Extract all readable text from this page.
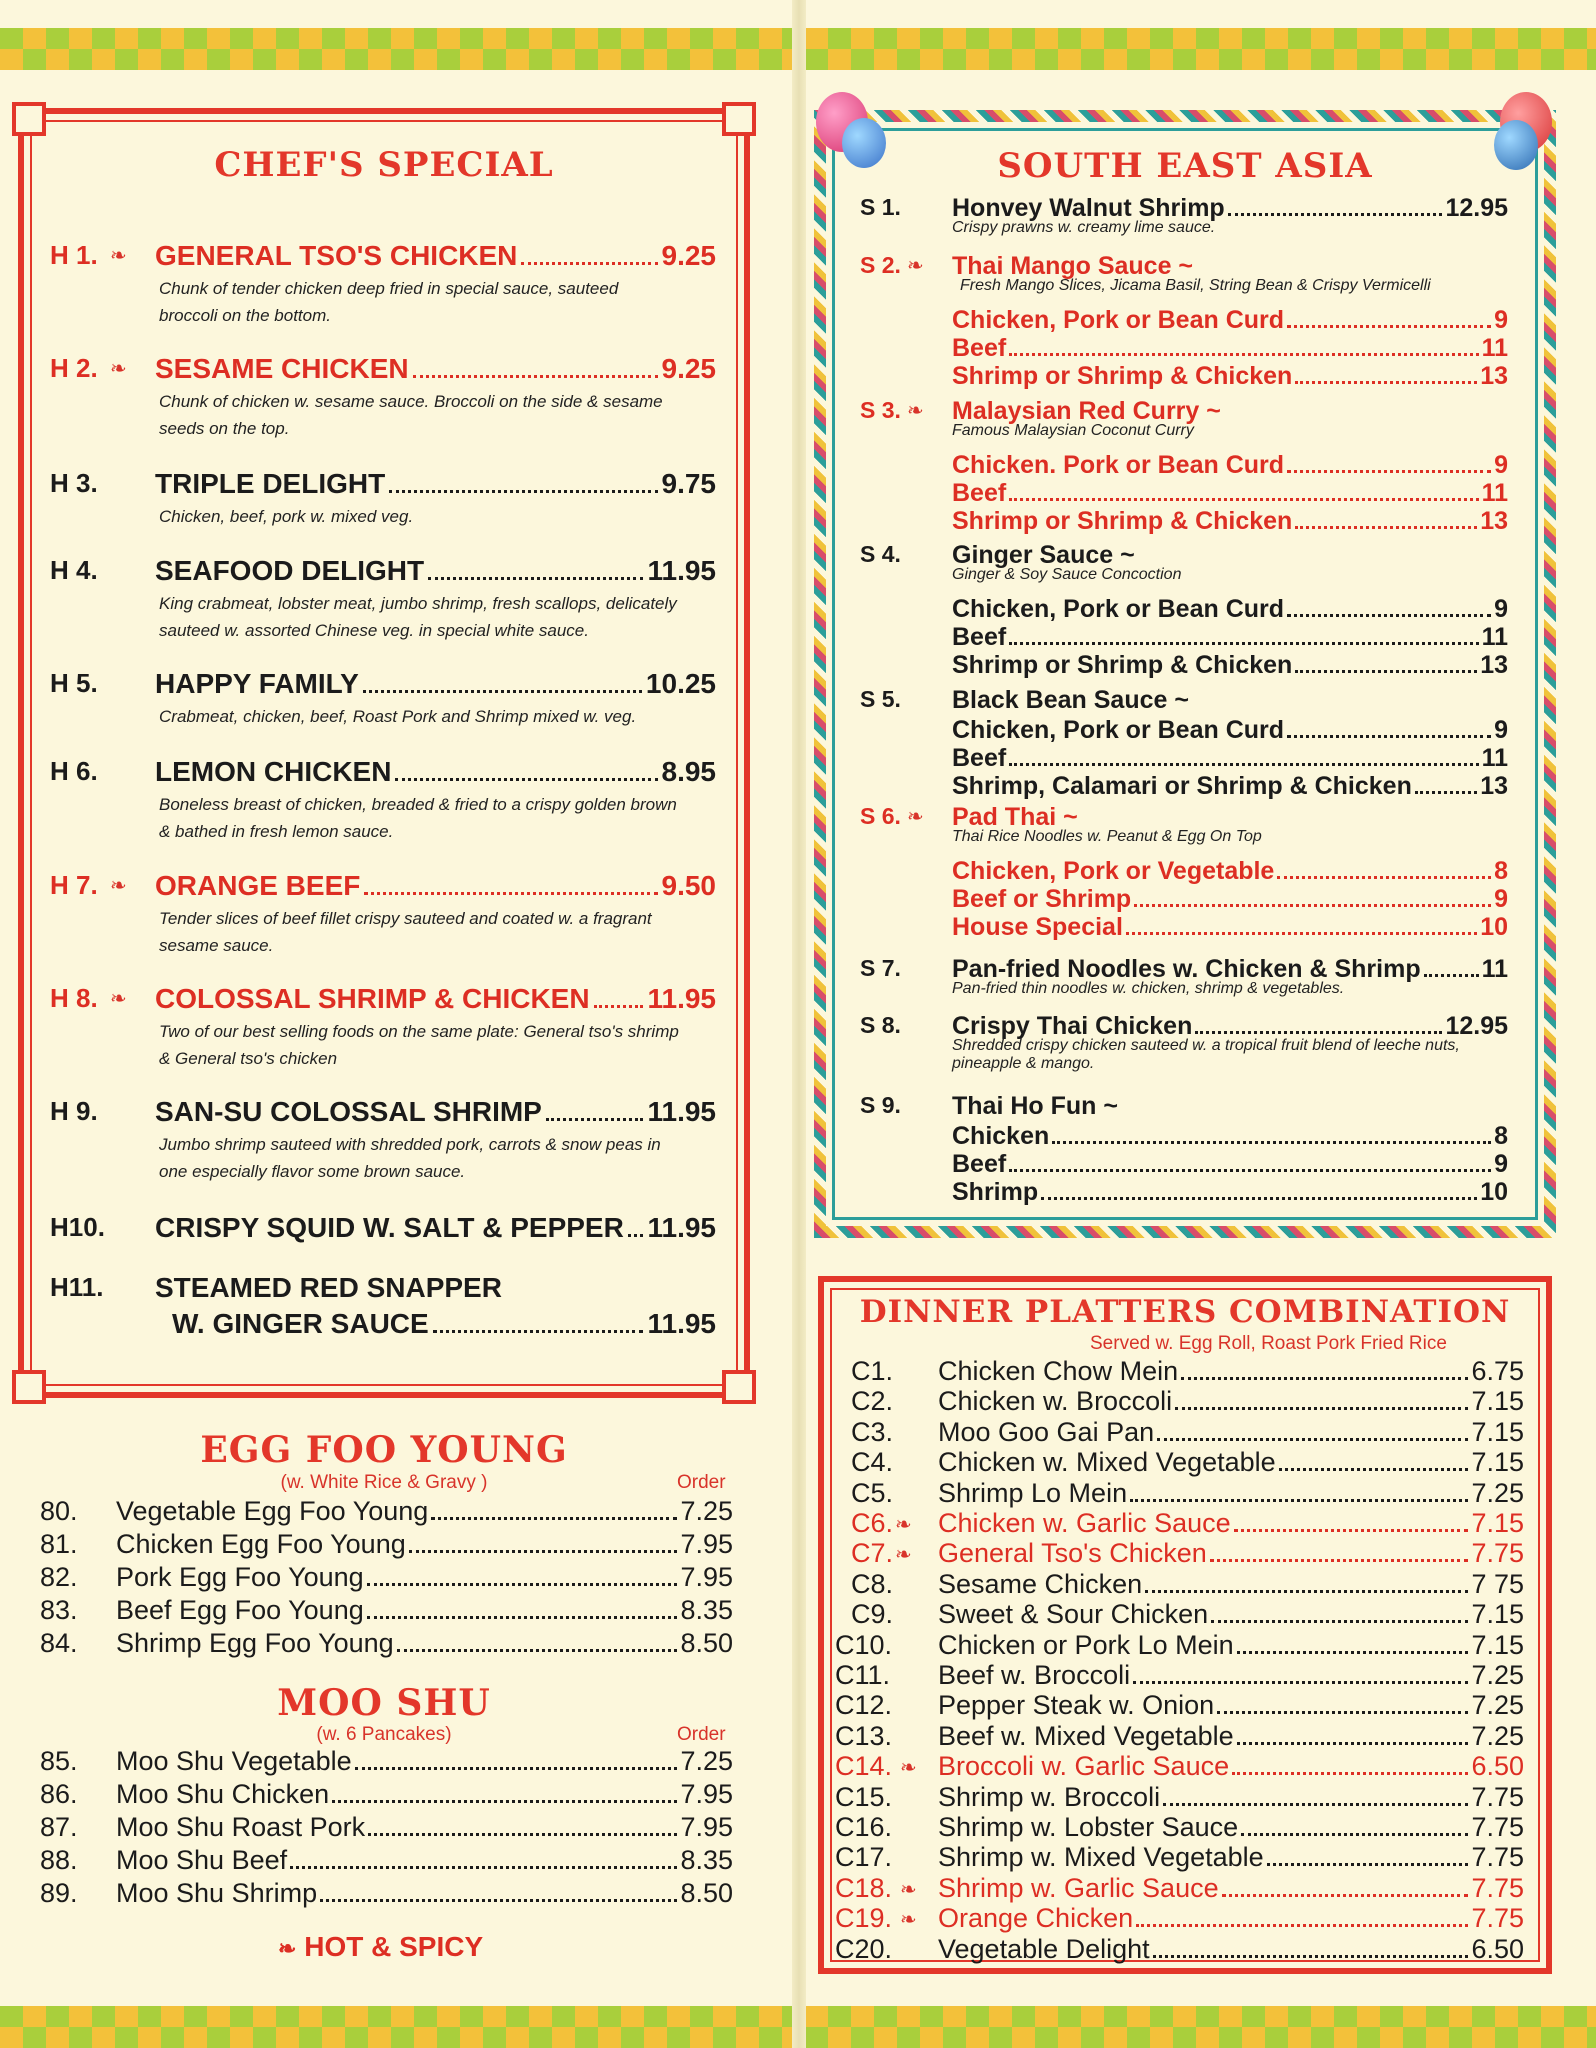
CHEF'S SPECIAL
H 1. ❧ GENERAL TSO'S CHICKEN	9.25
Chunk of tender chicken deep fried in special sauce, sauteed broccoli on the bottom.
H 2. ❧ SESAME CHICKEN	9.25
Chunk of chicken w. sesame sauce. Broccoli on the side & sesame seeds on the top.
H 3. TRIPLE DELIGHT	9.75
Chicken, beef, pork w. mixed veg.
H 4. SEAFOOD DELIGHT	11.95
King crabmeat, lobster meat, jumbo shrimp, fresh scallops, delicately sauteed w. assorted Chinese veg. in special white sauce.
H 5. HAPPY FAMILY	10.25
Crabmeat, chicken, beef, Roast Pork and Shrimp mixed w. veg.
H 6. LEMON CHICKEN	8.95
Boneless breast of chicken, breaded & fried to a crispy golden brown & bathed in fresh lemon sauce.
H 7. ❧ ORANGE BEEF	9.50
Tender slices of beef fillet crispy sauteed and coated w. a fragrant sesame sauce.
H 8. ❧ COLOSSAL SHRIMP & CHICKEN 11.95
Two of our best selling foods on the same plate: General tso's shrimp & General tso's chicken
H 9. SAN-SU COLOSSAL SHRIMP	11.95
Jumbo shrimp sauteed with shredded pork, carrots & snow peas in one especially flavor some brown sauce.
H10. CRISPY SQUID W. SALT & PEPPER 11.95
H11. STEAMED RED SNAPPER
W. GINGER SAUCE	11.95
EGG FOO YOUNG
(w. White Rice & Gravy )	Order
80. Vegetable Egg Foo Young	7.25
81. Chicken Egg Foo Young	7.95
82. Pork Egg Foo Young	7.95
83. Beef Egg Foo Young	8.35
84. Shrimp Egg Foo Young	8.50
MOO SHU
(w. 6 Pancakes)	Order
85. Moo Shu Vegetable	7.25
86. Moo Shu Chicken	7.95
87. Moo Shu Roast Pork	7.95
88. Moo Shu Beef	8.35
89. Moo Shu Shrimp	8.50
❧ HOT & SPICY
SOUTH EAST ASIA
S 1. Honvey Walnut Shrimp	12.95
Crispy prawns w. creamy lime sauce.
S 2. ❧ Thai Mango Sauce ~
Fresh Mango Slices, Jicama Basil, String Bean & Crispy Vermicelli
Chicken, Pork or Bean Curd	9
Beef	11
Shrimp or Shrimp & Chicken	13
S 3. ❧ Malaysian Red Curry ~
Famous Malaysian Coconut Curry
Chicken. Pork or Bean Curd	9
Beef	11
Shrimp or Shrimp & Chicken	13
S 4. Ginger Sauce ~
Ginger & Soy Sauce Concoction
Chicken, Pork or Bean Curd	9
Beef	11
Shrimp or Shrimp & Chicken	13
S 5. Black Bean Sauce ~
Chicken, Pork or Bean Curd	9
Beef	11
Shrimp, Calamari or Shrimp & Chicken	13
S 6. ❧ Pad Thai ~
Thai Rice Noodles w. Peanut & Egg On Top
Chicken, Pork or Vegetable	8
Beef or Shrimp	9
House Special	10
S 7. Pan-fried Noodles w. Chicken & Shrimp 11
Pan-fried thin noodles w. chicken, shrimp & vegetables.
S 8. Crispy Thai Chicken	12.95
Shredded crispy chicken sauteed w. a tropical fruit blend of leeche nuts, pineapple & mango.
S 9. Thai Ho Fun ~
Chicken	8
Beef	9
Shrimp	10
DINNER PLATTERS COMBINATION
Served w. Egg Roll, Roast Pork Fried Rice
C1. Chicken Chow Mein	6.75
C2. Chicken w. Broccoli	7.15
C3. Moo Goo Gai Pan	7.15
C4. Chicken w. Mixed Vegetable	7.15
C5. Shrimp Lo Mein	7.25
C6. ❧ Chicken w. Garlic Sauce	7.15
C7. ❧ General Tso's Chicken	7.75
C8. Sesame Chicken	7 75
C9. Sweet & Sour Chicken	7.15
C10. Chicken or Pork Lo Mein	7.15
C11. Beef w. Broccoli	7.25
C12. Pepper Steak w. Onion	7.25
C13. Beef w. Mixed Vegetable	7.25
C14. ❧ Broccoli w. Garlic Sauce	6.50
C15. Shrimp w. Broccoli	7.75
C16. Shrimp w. Lobster Sauce	7.75
C17. Shrimp w. Mixed Vegetable	7.75
C18. ❧ Shrimp w. Garlic Sauce	7.75
C19. ❧ Orange Chicken	7.75
C20. Vegetable Delight	6.50
